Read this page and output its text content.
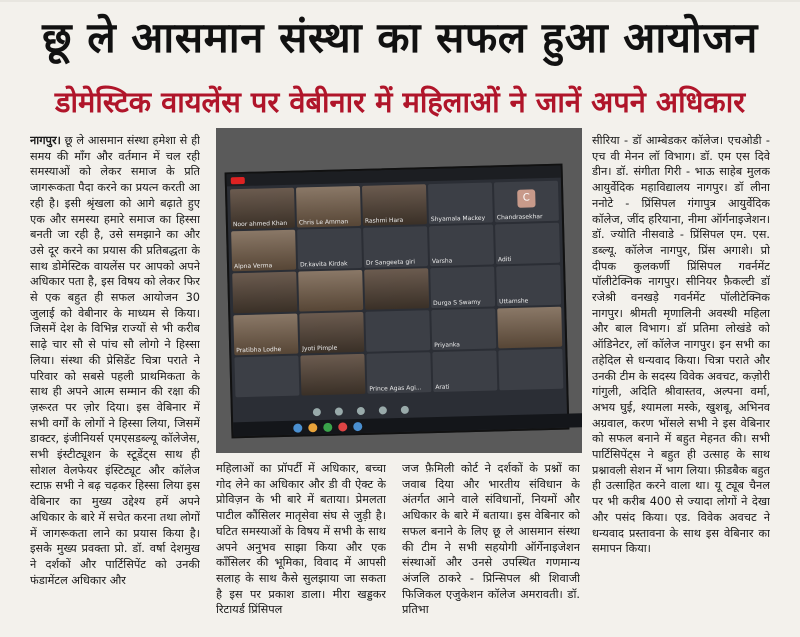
छू ले आसमान संस्था का सफल हुआ आयोजन
डोमेस्टिक वायलेंस पर वेबीनार में महिलाओं ने जानें अपने अधिकार
नागपुर। छू ले आसमान संस्था हमेशा से ही समय की माँग और वर्तमान में चल रही समस्याओं को लेकर समाज के प्रति जागरूकता पैदा करने का प्रयत्न करती आ रही है। इसी श्रृंखला को आगे बढ़ाते हुए एक और समस्या हमारे समाज का हिस्सा बनती जा रही है, उसे समझाने का और उसे दूर करने का प्रयास की प्रतिबद्धता के साथ डोमेस्टिक वायलेंस पर आपको अपने अधिकार पता है, इस विषय को लेकर फिर से एक बहुत ही सफल आयोजन 30 जुलाई को वेबीनार के माध्यम से किया। जिसमें देश के विभिन्न राज्यों से भी करीब साढ़े चार सौ से पांच सौ लोगो ने हिस्सा लिया। संस्था की प्रेसिडेंट चित्रा पराते ने परिवार को सबसे पहली प्राथमिकता के साथ ही अपने आत्म सम्मान की रक्षा की ज़रूरत पर ज़ोर दिया। इस वेबिनार में सभी वर्गों के लोगों ने हिस्सा लिया, जिसमें डाक्टर, इंजीनियर्स एमएसडब्ल्यू कॉलेजेस, सभी इंस्टीट्यूशन के स्टूडेंट्स साथ ही सोशल वेलफेयर इंस्टिट्यूट और कॉलेज स्टाफ़ सभी ने बढ़ चढ़कर हिस्सा लिया इस वेबिनार का मुख्य उद्देश्य हमें अपने अधिकार के बारे में सचेत करना तथा लोगों में जागरूकता लाने का प्रयास किया है। इसके मुख्य प्रवक्ता प्रो. डॉ. वर्षा देशमुख ने दर्शकों और पार्टिसिपेंट को उनकी फंडामेंटल अधिकार और
Noor ahmed Khan Chris Le Amman	Rashmi Hara	Shyamala Mackey
C
Chandrasekhar
Alpna Verma	Dr.kavita Kirdak	Dr Sangeeta giri	Varsha	Aditi
Durga S Swamy	Uttamshe
Pratibha Lodhe	Jyoti Pimple	Priyanka
Prince Agas Agi... Arati
महिलाओं का प्रॉपर्टी में अधिकार, बच्चा गोद लेने का अधिकार और डी वी ऐक्ट के प्रोविज़न के भी बारे में बताया। प्रेमलता पाटील कौंसिलर मातृसेवा संघ से जुड़ी है। घटित समस्याओं के विषय में सभी के साथ अपने अनुभव साझा किया और एक कॉंसिलर की भूमिका, विवाद में आपसी सलाह के साथ कैसे सुलझाया जा सकता है इस पर प्रकाश डाला। मीरा खड्डकर रिटायर्ड प्रिंसिपल
जज फ़ैमिली कोर्ट ने दर्शकों के प्रश्नों का जवाब दिया और भारतीय संविधान के अंतर्गत आने वाले संविधानों, नियमों और अधिकार के बारे में बताया। इस वेबिनार को सफल बनाने के लिए छू ले आसमान संस्था की टीम ने सभी सहयोगी ऑर्गेनाइजेशन संस्थाओं और उनसे उपस्थित गणमान्य अंजलि ठाकरे - प्रिन्सिपल श्री शिवाजी फिजिकल एजुकेशन कॉलेज अमरावती। डॉ. प्रतिभा
सीरिया - डॉ आम्बेडकर कॉलेज। एचओडी - एच वी मेनन लॉ विभाग। डॉ. एम एस दिवे डीन। डॉ. संगीता गिरी - भाऊ साहेब मुलक आयुर्वेदिक महाविद्यालय नागपुर। डॉ लीना ननोटे - प्रिंसिपल गंगापुत्र आयुर्वेदिक कॉलेज, जींद हरियाना, नीमा ऑर्गनाइजेशन। डॉ. ज्योति नीसवाडे - प्रिंसिपल एम. एस. डब्ल्यू. कॉलेज नागपुर, प्रिंस अगाशे। प्रो दीपक कुलकर्णी प्रिंसिपल गवर्नमेंट पॉलीटेक्निक नागपुर। सीनियर फ़ैकल्टी डॉ रजेश्री वनखड़े गवर्नमेंट पॉलीटेक्निक नागपुर। श्रीमती मृणालिनी अवस्थी महिला और बाल विभाग। डॉ प्रतिमा लोखंडे को ऑडिनेटर, लॉ कॉलेज नागपुर। इन सभी का तहेदिल से धन्यवाद किया। चित्रा पराते और उनकी टीम के सदस्य विवेक अवचट, कज़ोरी गांगुली, अदिति श्रीवास्तव, अल्पना वर्मा, अभय घुई, श्यामला मस्के, खुशबू, अभिनव अग्रवाल, करण भोंसले सभी ने इस वेबिनार को सफल बनाने में बहुत मेहनत की। सभी पार्टिसिपेंट्स ने बहुत ही उत्साह के साथ प्रश्नावली सेशन में भाग लिया। फ़ीडबैक बहुत ही उत्साहित करने वाला था। यू ट्यूब चैनल पर भी करीब 400 से ज्यादा लोगों ने देखा और पसंद किया। एड. विवेक अवचट ने धन्यवाद प्रस्तावना के साथ इस वेबिनार का समापन किया।
